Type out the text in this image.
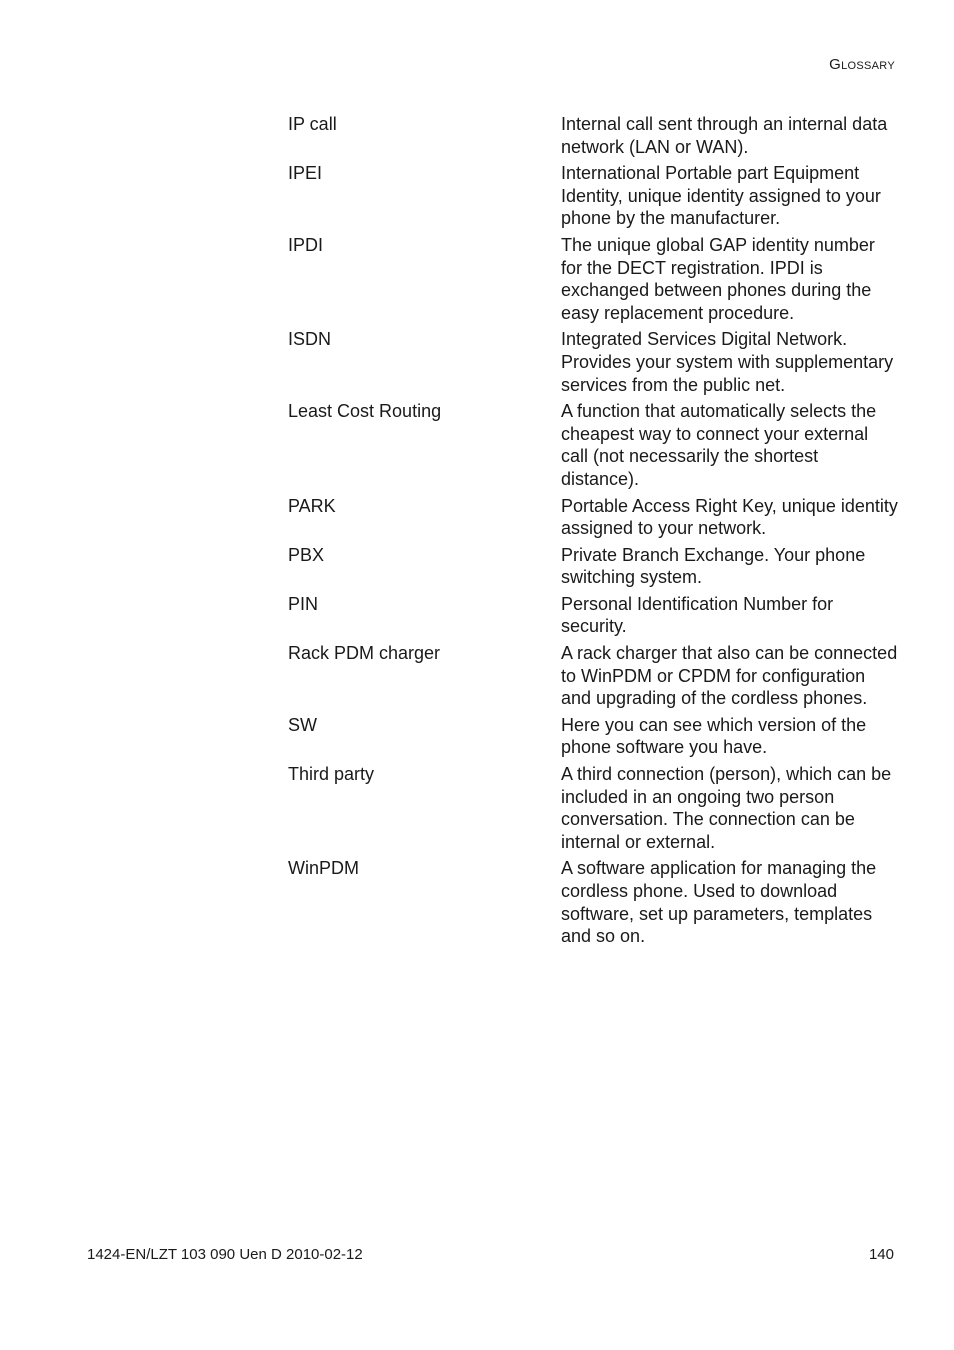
Glossary
IP call	Internal call sent through an internal data network (LAN or WAN).
IPEI	International Portable part Equipment Identity, unique identity assigned to your phone by the manufacturer.
IPDI	The unique global GAP identity number for the DECT registration. IPDI is exchanged between phones during the easy replacement procedure.
ISDN	Integrated Services Digital Network. Provides your system with supplementary services from the public net.
Least Cost Routing	A function that automatically selects the cheapest way to connect your external call (not necessarily the shortest distance).
PARK	Portable Access Right Key, unique identity assigned to your network.
PBX	Private Branch Exchange. Your phone switching system.
PIN	Personal Identification Number for security.
Rack PDM charger	A rack charger that also can be connected to WinPDM or CPDM for configuration and upgrading of the cordless phones.
SW	Here you can see which version of the phone software you have.
Third party	A third connection (person), which can be included in an ongoing two person conversation. The connection can be internal or external.
WinPDM	A software application for managing the cordless phone. Used to download software, set up parameters, templates and so on.
1424-EN/LZT 103 090 Uen D 2010-02-12	140
